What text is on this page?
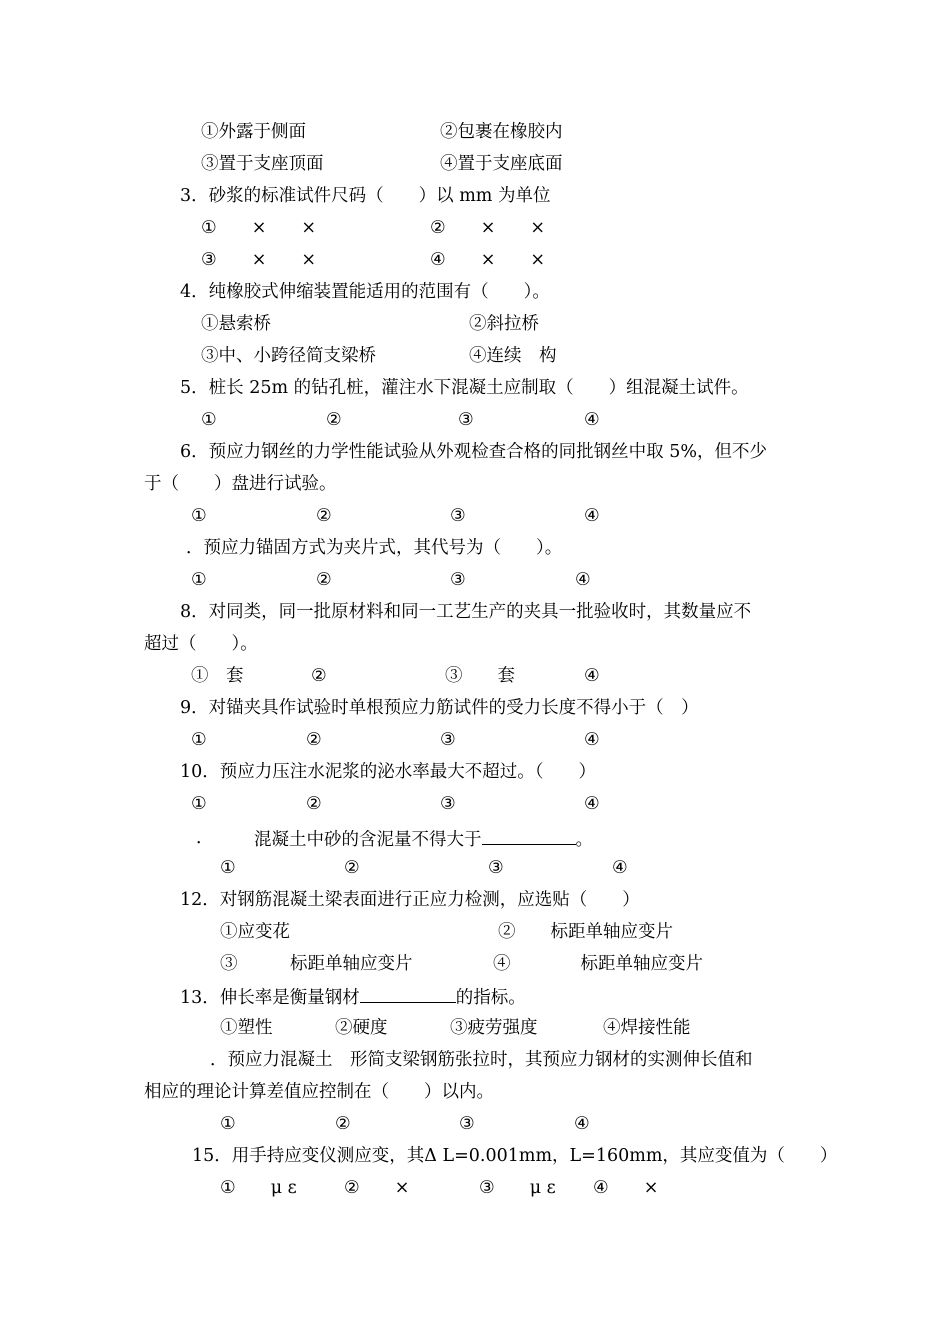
①外露于侧面	②包裹在橡胶内
③置于支座顶面	④置于支座底面
3．砂浆的标准试件尺码（　　）以 mm 为单位
①　　×　　×	②　　×　　×
③　　×　　×	④　　×　　×
4．纯橡胶式伸缩装置能适用的范围有（　　）。
①悬索桥	②斜拉桥
③中、小跨径简支梁桥	④连续　构
5．桩长 25m 的钻孔桩，灌注水下混凝土应制取（　　）组混凝土试件。
①	②	③	④
6．预应力钢丝的力学性能试验从外观检查合格的同批钢丝中取 5%，但不少
于（　　）盘进行试验。
①	②	③	④
．预应力锚固方式为夹片式，其代号为（　　）。
①	②	③	④
8．对同类，同一批原材料和同一工艺生产的夹具一批验收时，其数量应不
超过（　　）。
①　套	②	③　　套	④
9．对锚夹具作试验时单根预应力筋试件的受力长度不得小于（　）
①	②	③	④
10．预应力压注水泥浆的泌水率最大不超过。（　　）
①	②	③	④
． 混凝土中砂的含泥量不得大于	。
①	②	③	④
12．对钢筋混凝土梁表面进行正应力检测，应选贴（　　）
①应变花	②　　标距单轴应变片
③　　　标距单轴应变片	④　　　　标距单轴应变片
13．伸长率是衡量钢材	的指标。
①塑性	②硬度	③疲劳强度	④焊接性能
．预应力混凝土　形简支梁钢筋张拉时，其预应力钢材的实测伸长值和
相应的理论计算差值应控制在（　　）以内。
①	②	③	④
15．用手持应变仪测应变，其Δ L=0.001mm，L=160mm，其应变值为（　　）
①　　μ ε	②　　×	③　　μ ε ④　　×
